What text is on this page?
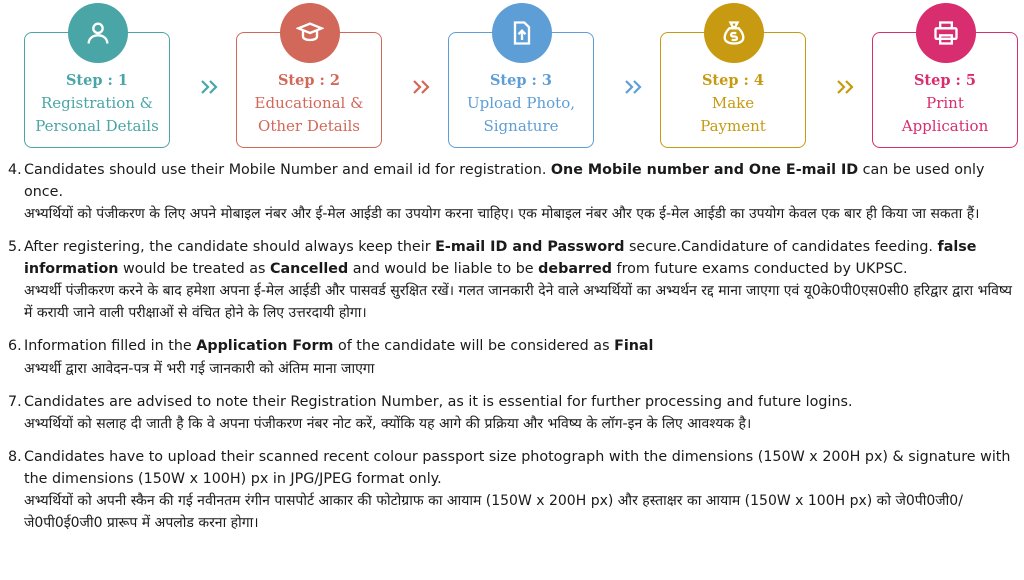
Step : 1
Registration &
Personal Details
Step : 2
Educational &
Other Details
Step : 3
Upload Photo,
Signature
Step : 4
Make
Payment
Step : 5
Print
Application
4. Candidates should use their Mobile Number and email id for registration. One Mobile number and One E-mail ID can be used only once.
अभ्यर्थियों को पंजीकरण के लिए अपने मोबाइल नंबर और ई-मेल आईडी का उपयोग करना चाहिए। एक मोबाइल नंबर और एक ई-मेल आईडी का उपयोग केवल एक बार ही किया जा सकता हैं।
5. After registering, the candidate should always keep their E-mail ID and Password secure.Candidature of candidates feeding. false information would be treated as Cancelled and would be liable to be debarred from future exams conducted by UKPSC.
अभ्यर्थी पंजीकरण करने के बाद हमेशा अपना ई-मेल आईडी और पासवर्ड सुरक्षित रखें। गलत जानकारी देने वाले अभ्यर्थियों का अभ्यर्थन रद्द माना जाएगा एवं यू0के0पी0एस0सी0 हरिद्वार द्वारा भविष्य में करायी जाने वाली परीक्षाओं से वंचित होने के लिए उत्तरदायी होगा।
6. Information filled in the Application Form of the candidate will be considered as Final
अभ्यर्थी द्वारा आवेदन-पत्र में भरी गई जानकारी को अंतिम माना जाएगा
7. Candidates are advised to note their Registration Number, as it is essential for further processing and future logins.
अभ्यर्थियों को सलाह दी जाती है कि वे अपना पंजीकरण नंबर नोट करें, क्योंकि यह आगे की प्रक्रिया और भविष्य के लॉग-इन के लिए आवश्यक है।
8. Candidates have to upload their scanned recent colour passport size photograph with the dimensions (150W x 200H px) & signature with the dimensions (150W x 100H) px in JPG/JPEG format only.
अभ्यर्थियों को अपनी स्कैन की गई नवीनतम रंगीन पासपोर्ट आकार की फोटोग्राफ का आयाम (150W x 200H px) और हस्ताक्षर का आयाम (150W x 100H px) को जे0पी0जी0/जे0पी0ई0जी0 प्रारूप में अपलोड करना होगा।
